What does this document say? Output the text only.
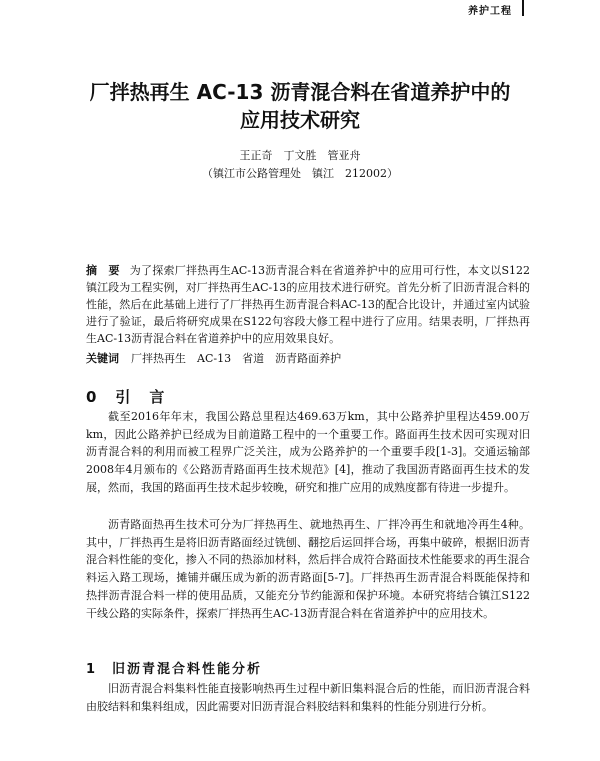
养护工程
厂拌热再生 AC-13 沥青混合料在省道养护中的
应用技术研究
王正奇　丁文胜　管亚舟
（镇江市公路管理处　镇江　212002）
摘　要 为了探索厂拌热再生AC-13沥青混合料在省道养护中的应用可行性，本文以S122镇江段为工程实例，对厂拌热再生AC-13的应用技术进行研究。首先分析了旧沥青混合料的性能，然后在此基础上进行了厂拌热再生沥青混合料AC-13的配合比设计，并通过室内试验进行了验证，最后将研究成果在S122句容段大修工程中进行了应用。结果表明，厂拌热再生AC-13沥青混合料在省道养护中的应用效果良好。
关键词 厂拌热再生　AC-13　省道　沥青路面养护
0　引　言
截至2016年年末，我国公路总里程达469.63万km，其中公路养护里程达459.00万km，因此公路养护已经成为目前道路工程中的一个重要工作。路面再生技术因可实现对旧沥青混合料的利用而被工程界广泛关注，成为公路养护的一个重要手段[1-3]。交通运输部2008年4月颁布的《公路沥青路面再生技术规范》[4]，推动了我国沥青路面再生技术的发展，然而，我国的路面再生技术起步较晚，研究和推广应用的成熟度都有待进一步提升。
沥青路面热再生技术可分为厂拌热再生、就地热再生、厂拌冷再生和就地冷再生4种。其中，厂拌热再生是将旧沥青路面经过铣刨、翻挖后运回拌合场，再集中破碎，根据旧沥青混合料性能的变化，掺入不同的热添加材料，然后拌合成符合路面技术性能要求的再生混合料运入路工现场，摊铺并碾压成为新的沥青路面[5-7]。厂拌热再生沥青混合料既能保持和热拌沥青混合料一样的使用品质，又能充分节约能源和保护环境。本研究将结合镇江S122干线公路的实际条件，探索厂拌热再生AC-13沥青混合料在省道养护中的应用技术。
1　旧沥青混合料性能分析
旧沥青混合料集料性能直接影响热再生过程中新旧集料混合后的性能，而旧沥青混合料由胶结料和集料组成，因此需要对旧沥青混合料胶结料和集料的性能分别进行分析。
